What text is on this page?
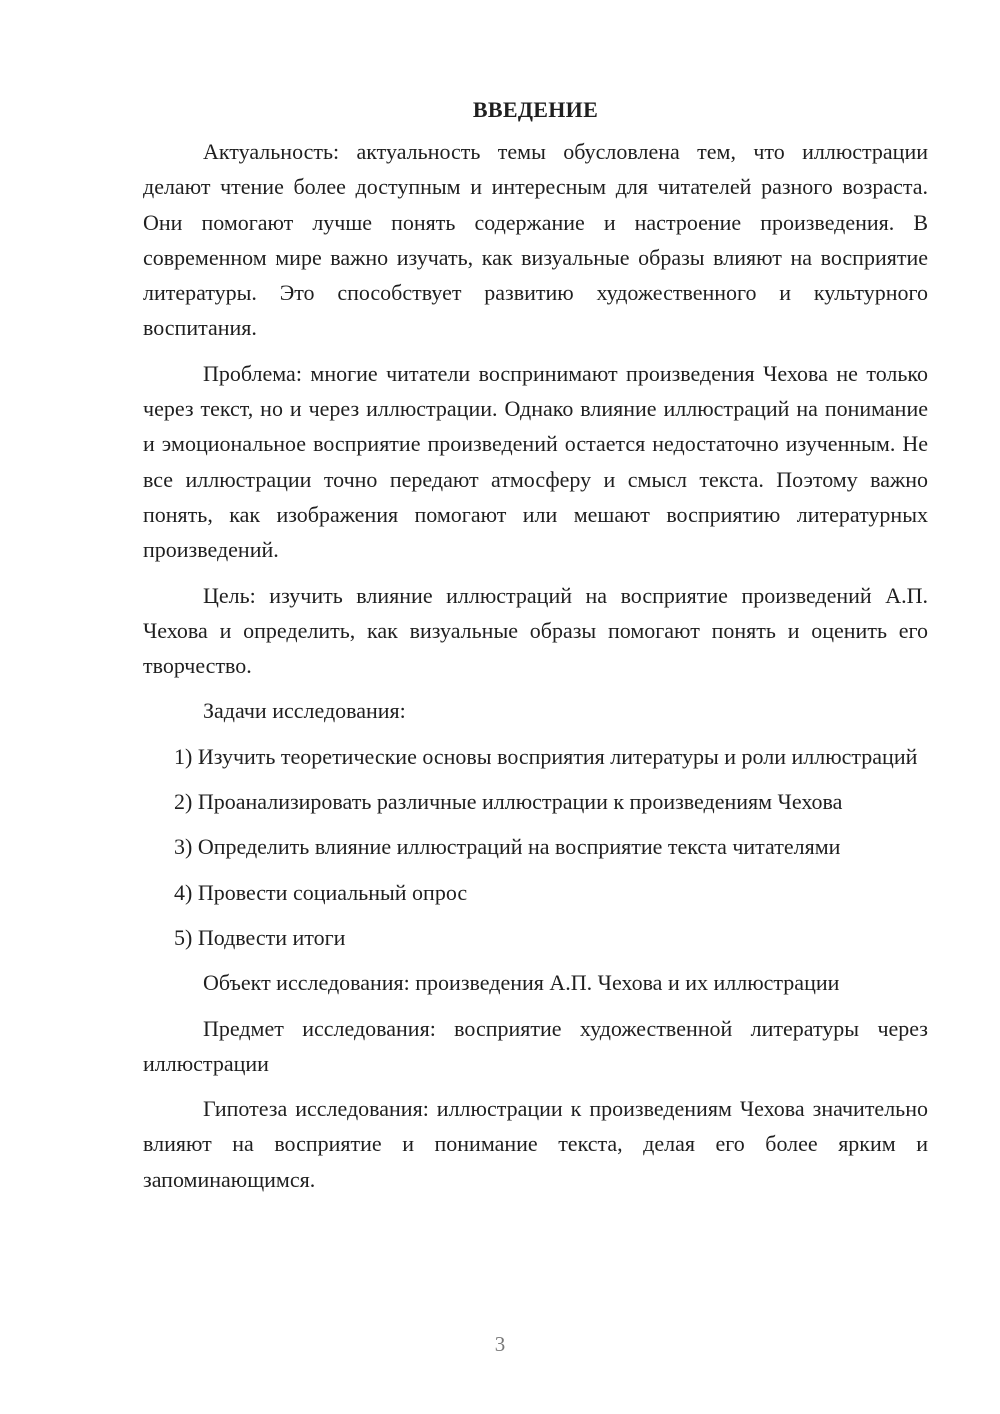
ВВЕДЕНИЕ

Актуальность: актуальность темы обусловлена тем, что иллюстрации делают чтение более доступным и интересным для читателей разного возраста. Они помогают лучше понять содержание и настроение произведения. В современном мире важно изучать, как визуальные образы влияют на восприятие литературы. Это способствует развитию художественного и культурного воспитания.

Проблема: многие читатели воспринимают произведения Чехова не только через текст, но и через иллюстрации. Однако влияние иллюстраций на понимание и эмоциональное восприятие произведений остается недостаточно изученным. Не все иллюстрации точно передают атмосферу и смысл текста. Поэтому важно понять, как изображения помогают или мешают восприятию литературных произведений.

Цель: изучить влияние иллюстраций на восприятие произведений А.П. Чехова и определить, как визуальные образы помогают понять и оценить его творчество.

Задачи исследования:

1) Изучить теоретические основы восприятия литературы и роли иллюстраций

2) Проанализировать различные иллюстрации к произведениям Чехова

3) Определить влияние иллюстраций на восприятие текста читателями

4) Провести социальный опрос

5) Подвести итоги

Объект исследования: произведения А.П. Чехова и их иллюстрации

Предмет исследования: восприятие художественной литературы через иллюстрации

Гипотеза исследования: иллюстрации к произведениям Чехова значительно влияют на восприятие и понимание текста, делая его более ярким и запоминающимся.

3
